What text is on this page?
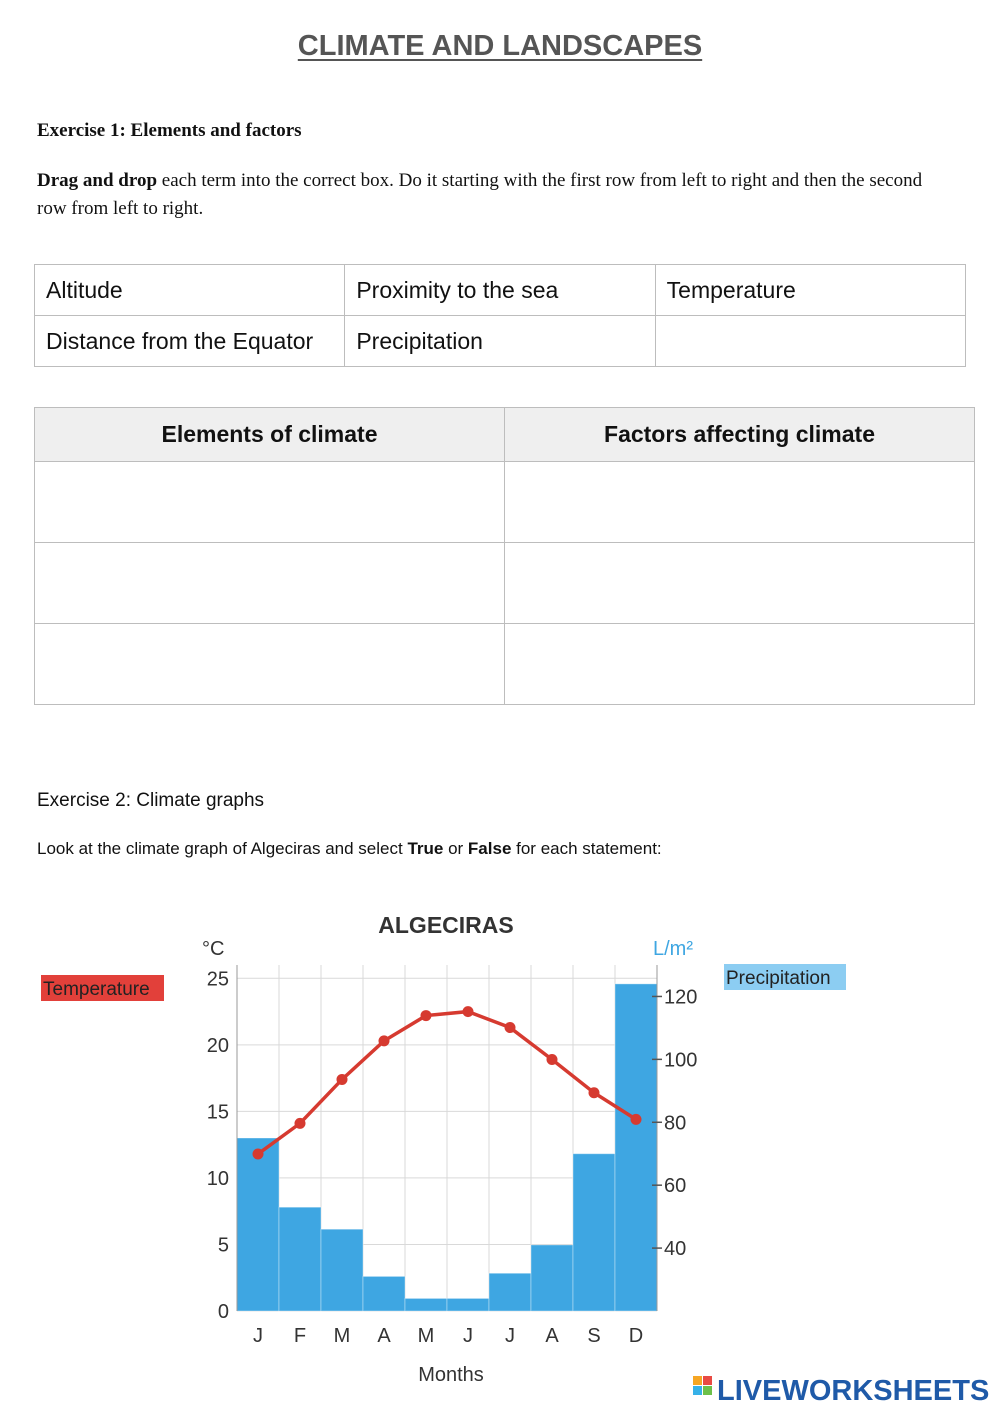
CLIMATE AND LANDSCAPES
Exercise 1: Elements and factors
Drag and drop each term into the correct box. Do it starting with the first row from left to right and then the second row from left to right.
Altitude	Proximity to the sea	Temperature
Distance from the Equator	Precipitation	
Elements of climate	Factors affecting climate

Exercise 2: Climate graphs
Look at the climate graph of Algeciras and select True or False for each statement:
ALGECIRAS
°C	L/m²
Temperature
Precipitation
0
5
10
15
20
25
40
60
80
100
120
J F M A M J J A S D
Months	LIVEWORKSHEETS
